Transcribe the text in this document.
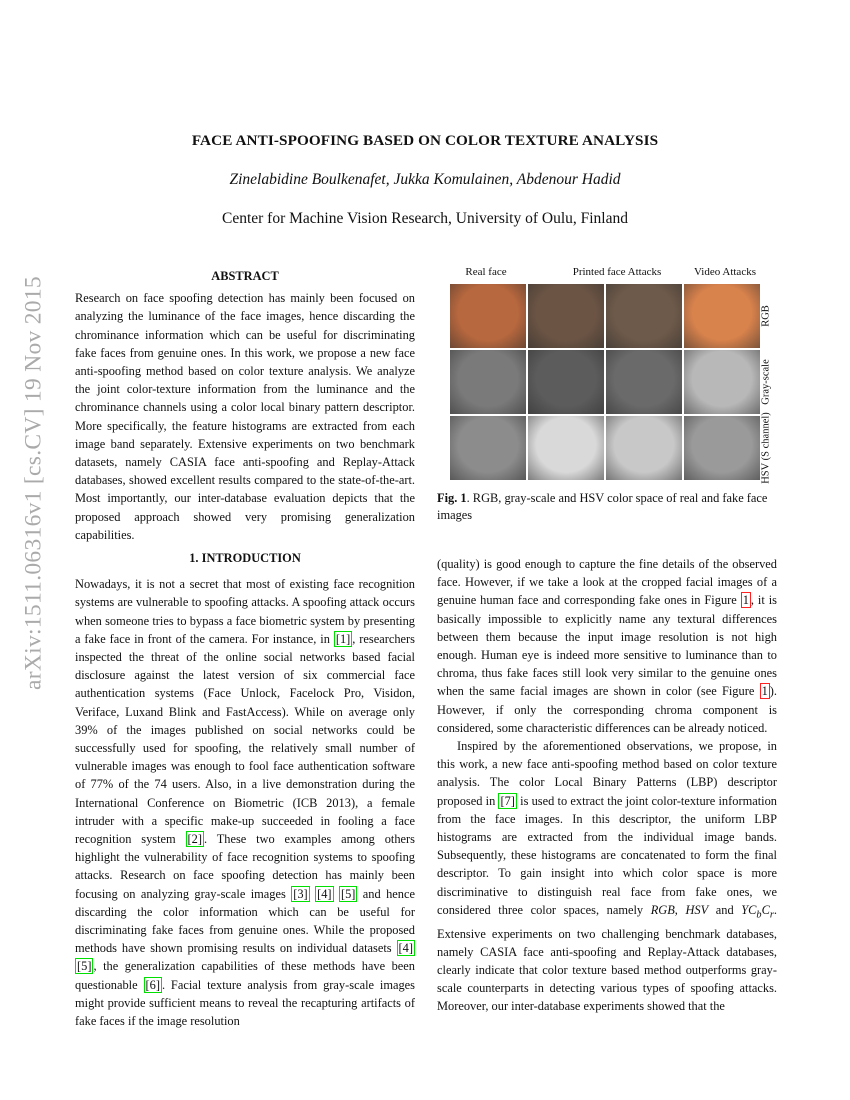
arXiv:1511.06316v1 [cs.CV] 19 Nov 2015
FACE ANTI-SPOOFING BASED ON COLOR TEXTURE ANALYSIS
Zinelabidine Boulkenafet, Jukka Komulainen, Abdenour Hadid
Center for Machine Vision Research, University of Oulu, Finland
ABSTRACT

Research on face spoofing detection has mainly been focused on analyzing the luminance of the face images, hence discarding the chrominance information which can be useful for discriminating fake faces from genuine ones. In this work, we propose a new face anti-spoofing method based on color texture analysis. We analyze the joint color-texture information from the luminance and the chrominance channels using a color local binary pattern descriptor. More specifically, the feature histograms are extracted from each image band separately. Extensive experiments on two benchmark datasets, namely CASIA face anti-spoofing and Replay-Attack databases, showed excellent results compared to the state-of-the-art. Most importantly, our inter-database evaluation depicts that the proposed approach showed very promising generalization capabilities.

1. INTRODUCTION

Nowadays, it is not a secret that most of existing face recognition systems are vulnerable to spoofing attacks. A spoofing attack occurs when someone tries to bypass a face biometric system by presenting a fake face in front of the camera. For instance, in [1] , researchers inspected the threat of the online social networks based facial disclosure against the latest version of six commercial face authentication systems (Face Unlock, Facelock Pro, Visidon, Veriface, Luxand Blink and FastAccess). While on average only 39% of the images published on social networks could be successfully used for spoofing, the relatively small number of vulnerable images was enough to fool face authentication software of 77% of the 74 users. Also, in a live demonstration during the International Conference on Biometric (ICB 2013), a female intruder with a specific make-up succeeded in fooling a face recognition system [2] . These two examples among others highlight the vulnerability of face recognition systems to spoofing attacks. Research on face spoofing detection has mainly been focusing on analyzing gray-scale images [3] [4] [5] and hence discarding the color information which can be useful for discriminating fake faces from genuine ones. While the proposed methods have shown promising results on individual datasets [4] [5] , the generalization capabilities of these methods have been questionable [6] . Facial texture analysis from gray-scale images might provide sufficient means to reveal the recapturing artifacts of fake faces if the image resolution

Real face	Printed face Attacks	Video Attacks
RGB
Gray-scale
HSV (S channel)
Fig. 1. RGB, gray-scale and HSV color space of real and fake face images

(quality) is good enough to capture the fine details of the observed face. However, if we take a look at the cropped facial images of a genuine human face and corresponding fake ones in Figure 1 , it is basically impossible to explicitly name any textural differences between them because the input image resolution is not high enough. Human eye is indeed more sensitive to luminance than to chroma, thus fake faces still look very similar to the genuine ones when the same facial images are shown in color (see Figure 1 ). However, if only the corresponding chroma component is considered, some characteristic differences can be already noticed.

Inspired by the aforementioned observations, we propose, in this work, a new face anti-spoofing method based on color texture analysis. The color Local Binary Patterns (LBP) descriptor proposed in [7] is used to extract the joint color-texture information from the face images. In this descriptor, the uniform LBP histograms are extracted from the individual image bands. Subsequently, these histograms are concatenated to form the final descriptor. To gain insight into which color space is more discriminative to distinguish real face from fake ones, we considered three color spaces, namely RGB, HSV and $YC_bC_r$. Extensive experiments on two challenging benchmark databases, namely CASIA face anti-spoofing and Replay-Attack databases, clearly indicate that color texture based method outperforms gray-scale counterparts in detecting various types of spoofing attacks. Moreover, our inter-database experiments showed that the
